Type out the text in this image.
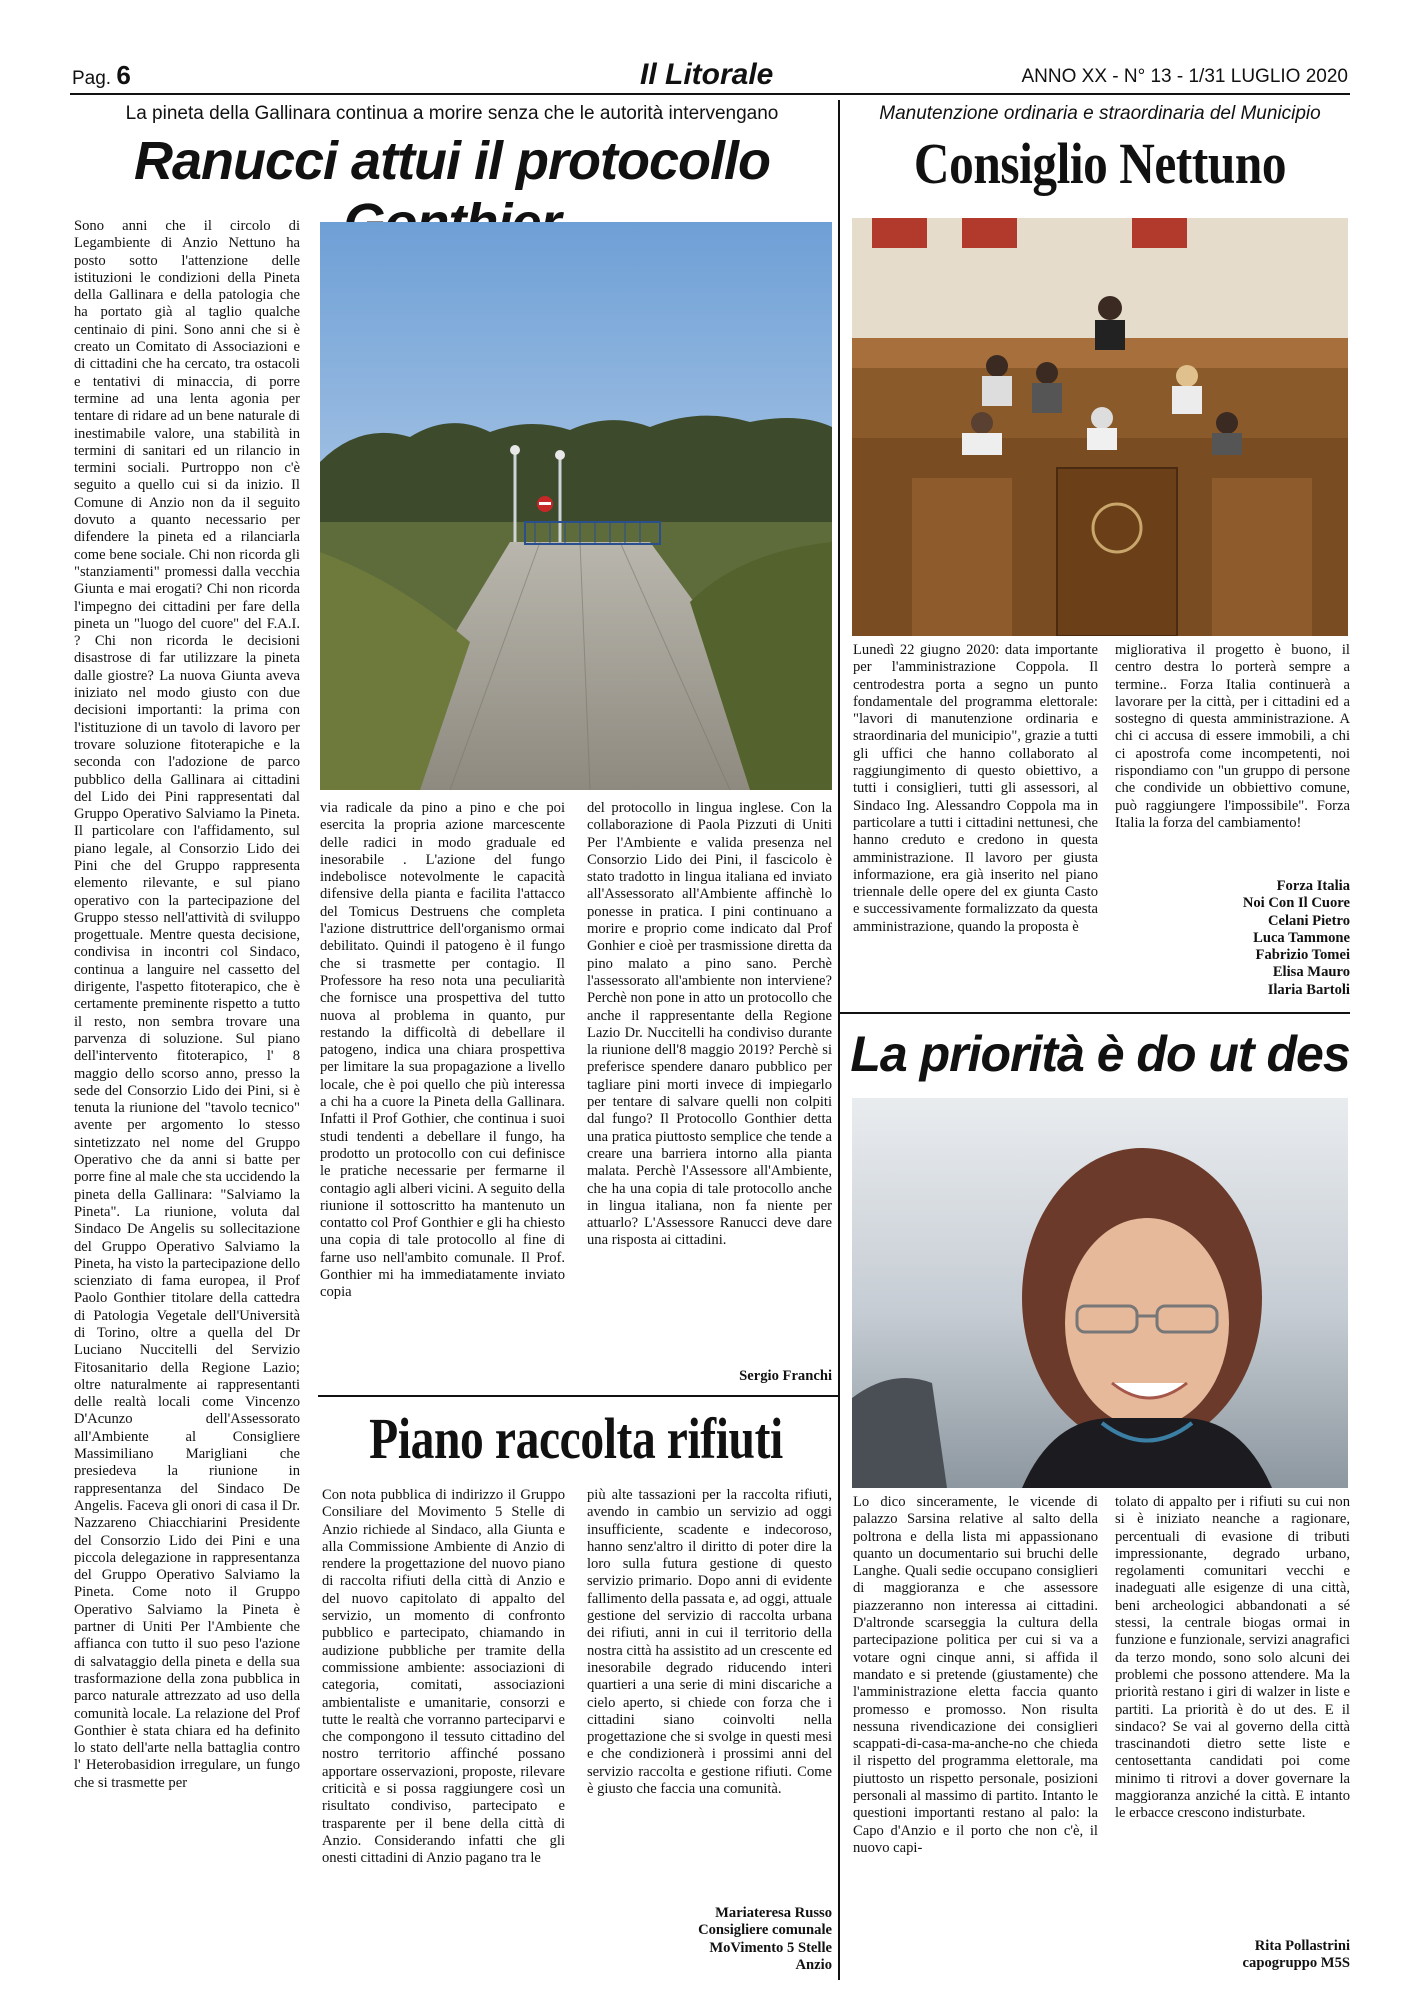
Pag. 6	Il Litorale	ANNO XX - N° 13 - 1/31 LUGLIO 2020
La pineta della Gallinara continua a morire senza che le autorità intervengano
Ranucci attui il protocollo
Sono anni che il circolo di Legambiente di Anzio Nettuno ha posto sotto l'attenzione delle istituzioni le condizioni della Pineta della Gallinara e della patologia che ha portato già al taglio qualche centinaio di pini. Sono anni che si è creato un Comitato di Associazioni e di cittadini che ha cercato, tra ostacoli e tentativi di minaccia, di porre termine ad una lenta agonia per tentare di ridare ad un bene naturale di inestimabile valore, una stabilità in termini di sanitari ed un rilancio in termini sociali. Purtroppo non c'è seguito a quello cui si da inizio. Il Comune di Anzio non da il seguito dovuto a quanto necessario per difendere la pineta ed a rilanciarla come bene sociale. Chi non ricorda gli "stanziamenti" promessi dalla vecchia Giunta e mai erogati? Chi non ricorda l'impegno dei cittadini per fare della pineta un "luogo del cuore" del F.A.I. ? Chi non ricorda le decisioni disastrose di far utilizzare la pineta dalle giostre? La nuova Giunta aveva iniziato nel modo giusto con due decisioni importanti: la prima con l'istituzione di un tavolo di lavoro per trovare soluzione fitoterapiche e la seconda con l'adozione de parco pubblico della Gallinara ai cittadini del Lido dei Pini rappresentati dal Gruppo Operativo Salviamo la Pineta. Il particolare con l'affidamento, sul piano legale, al Consorzio Lido dei Pini che del Gruppo rappresenta elemento rilevante, e sul piano operativo con la partecipazione del Gruppo stesso nell'attività di sviluppo progettuale. Mentre questa decisione, condivisa in incontri col Sindaco, continua a languire nel cassetto del dirigente, l'aspetto fitoterapico, che è certamente preminente rispetto a tutto il resto, non sembra trovare una parvenza di soluzione. Sul piano dell'intervento fitoterapico, l' 8 maggio dello scorso anno, presso la sede del Consorzio Lido dei Pini, si è tenuta la riunione del "tavolo tecnico" avente per argomento lo stesso sintetizzato nel nome del Gruppo Operativo che da anni si batte per porre fine al male che sta uccidendo la pineta della Gallinara: "Salviamo la Pineta". La riunione, voluta dal Sindaco De Angelis su sollecitazione del Gruppo Operativo Salviamo la Pineta, ha visto la partecipazione dello scienziato di fama europea, il Prof Paolo Gonthier titolare della cattedra di Patologia Vegetale dell'Università di Torino, oltre a quella del Dr Luciano Nuccitelli del Servizio Fitosanitario della Regione Lazio; oltre naturalmente ai rappresentanti delle realtà locali come Vincenzo D'Acunzo dell'Assessorato all'Ambiente al Consigliere Massimiliano Marigliani che presiedeva la riunione in rappresentanza del Sindaco De Angelis. Faceva gli onori di casa il Dr. Nazzareno Chiacchiarini Presidente del Consorzio Lido dei Pini e una piccola delegazione in rappresentanza del Gruppo Operativo Salviamo la Pineta. Come noto il Gruppo Operativo Salviamo la Pineta è partner di Uniti Per l'Ambiente che affianca con tutto il suo peso l'azione di salvataggio della pineta e della sua trasformazione della zona pubblica in parco naturale attrezzato ad uso della comunità locale. La relazione del Prof Gonthier è stata chiara ed ha definito lo stato dell'arte nella battaglia contro l' Heterobasidion irregulare, un fungo che si trasmette per
via radicale da pino a pino e che poi esercita la propria azione marcescente delle radici in modo graduale ed inesorabile . L'azione del fungo indebolisce notevolmente le capacità difensive della pianta e facilita l'attacco del Tomicus Destruens che completa l'azione distruttrice dell'organismo ormai debilitato. Quindi il patogeno è il fungo che si trasmette per contagio. Il Professore ha reso nota una peculiarità che fornisce una prospettiva del tutto nuova al problema in quanto, pur restando la difficoltà di debellare il patogeno, indica una chiara prospettiva per limitare la sua propagazione a livello locale, che è poi quello che più interessa a chi ha a cuore la Pineta della Gallinara. Infatti il Prof Gothier, che continua i suoi studi tendenti a debellare il fungo, ha prodotto un protocollo con cui definisce le pratiche necessarie per fermarne il contagio agli alberi vicini. A seguito della riunione il sottoscritto ha mantenuto un contatto col Prof Gonthier e gli ha chiesto una copia di tale protocollo al fine di farne uso nell'ambito comunale. Il Prof. Gonthier mi ha immediatamente inviato copia
del protocollo in lingua inglese. Con la collaborazione di Paola Pizzuti di Uniti Per l'Ambiente e valida presenza nel Consorzio Lido dei Pini, il fascicolo è stato tradotto in lingua italiana ed inviato all'Assessorato all'Ambiente affinchè lo ponesse in pratica. I pini continuano a morire e proprio come indicato dal Prof Gonhier e cioè per trasmissione diretta da pino malato a pino sano. Perchè l'assessorato all'ambiente non interviene? Perchè non pone in atto un protocollo che anche il rappresentante della Regione Lazio Dr. Nuccitelli ha condiviso durante la riunione dell'8 maggio 2019? Perchè si preferisce spendere danaro pubblico per tagliare pini morti invece di impiegarlo per tentare di salvare quelli non colpiti dal fungo? Il Protocollo Gonthier detta una pratica piuttosto semplice che tende a creare una barriera intorno alla pianta malata. Perchè l'Assessore all'Ambiente, che ha una copia di tale protocollo anche in lingua italiana, non fa niente per attuarlo? L'Assessore Ranucci deve dare una risposta ai cittadini.
Sergio Franchi
Piano raccolta rifiuti
Con nota pubblica di indirizzo il Gruppo Consiliare del Movimento 5 Stelle di Anzio richiede al Sindaco, alla Giunta e alla Commissione Ambiente di Anzio di rendere la progettazione del nuovo piano di raccolta rifiuti della città di Anzio e del nuovo capitolato di appalto del servizio, un momento di confronto pubblico e partecipato, chiamando in audizione pubbliche per tramite della commissione ambiente: associazioni di categoria, comitati, associazioni ambientaliste e umanitarie, consorzi e tutte le realtà che vorranno parteciparvi e che compongono il tessuto cittadino del nostro territorio affinché possano apportare osservazioni, proposte, rilevare criticità e si possa raggiungere così un risultato condiviso, partecipato e trasparente per il bene della città di Anzio. Considerando infatti che gli onesti cittadini di Anzio pagano tra le
più alte tassazioni per la raccolta rifiuti, avendo in cambio un servizio ad oggi insufficiente, scadente e indecoroso, hanno senz'altro il diritto di poter dire la loro sulla futura gestione di questo servizio primario. Dopo anni di evidente fallimento della passata e, ad oggi, attuale gestione del servizio di raccolta urbana dei rifiuti, anni in cui il territorio della nostra città ha assistito ad un crescente ed inesorabile degrado riducendo interi quartieri a una serie di mini discariche a cielo aperto, si chiede con forza che i cittadini siano coinvolti nella progettazione che si svolge in questi mesi e che condizionerà i prossimi anni del servizio raccolta e gestione rifiuti. Come è giusto che faccia una comunità.
Mariateresa Russo
Consigliere comunale
MoVimento 5 Stelle
Anzio
Manutenzione ordinaria e straordinaria del Municipio
Consiglio Nettuno
Lunedì 22 giugno 2020: data importante per l'amministrazione Coppola. Il centrodestra porta a segno un punto fondamentale del programma elettorale: "lavori di manutenzione ordinaria e straordinaria del municipio", grazie a tutti gli uffici che hanno collaborato al raggiungimento di questo obiettivo, a tutti i consiglieri, tutti gli assessori, al Sindaco Ing. Alessandro Coppola ma in particolare a tutti i cittadini nettunesi, che hanno creduto e credono in questa amministrazione. Il lavoro per giusta informazione, era già inserito nel piano triennale delle opere del ex giunta Casto e successivamente formalizzato da questa amministrazione, quando la proposta è
migliorativa il progetto è buono, il centro destra lo porterà sempre a termine.. Forza Italia continuerà a lavorare per la città, per i cittadini ed a sostegno di questa amministrazione. A chi ci accusa di essere immobili, a chi ci apostrofa come incompetenti, noi rispondiamo con "un gruppo di persone che condivide un obbiettivo comune, può raggiungere l'impossibile". Forza Italia la forza del cambiamento!
Forza Italia
Noi Con Il Cuore
Celani Pietro
Luca Tammone
Fabrizio Tomei
Elisa Mauro
Ilaria Bartoli
La priorità è do ut des
Lo dico sinceramente, le vicende di palazzo Sarsina relative al salto della poltrona e della lista mi appassionano quanto un documentario sui bruchi delle Langhe. Quali sedie occupano consiglieri di maggioranza e che assessore piazzeranno non interessa ai cittadini. D'altronde scarseggia la cultura della partecipazione politica per cui si va a votare ogni cinque anni, si affida il mandato e si pretende (giustamente) che l'amministrazione eletta faccia quanto promesso e promosso. Non risulta nessuna rivendicazione dei consiglieri scappati-di-casa-ma-anche-no che chieda il rispetto del programma elettorale, ma piuttosto un rispetto personale, posizioni personali al massimo di partito. Intanto le questioni importanti restano al palo: la Capo d'Anzio e il porto che non c'è, il nuovo capi-
tolato di appalto per i rifiuti su cui non si è iniziato neanche a ragionare, percentuali di evasione di tributi impressionante, degrado urbano, regolamenti comunitari vecchi e inadeguati alle esigenze di una città, beni archeologici abbandonati a sé stessi, la centrale biogas ormai in funzione e funzionale, servizi anagrafici da terzo mondo, sono solo alcuni dei problemi che possono attendere. Ma la priorità restano i giri di walzer in liste e partiti. La priorità è do ut des. E il sindaco? Se vai al governo della città trascinandoti dietro sette liste e centosettanta candidati poi come minimo ti ritrovi a dover governare la maggioranza anziché la città. E intanto le erbacce crescono indisturbate.
Rita Pollastrini
capogruppo M5S
